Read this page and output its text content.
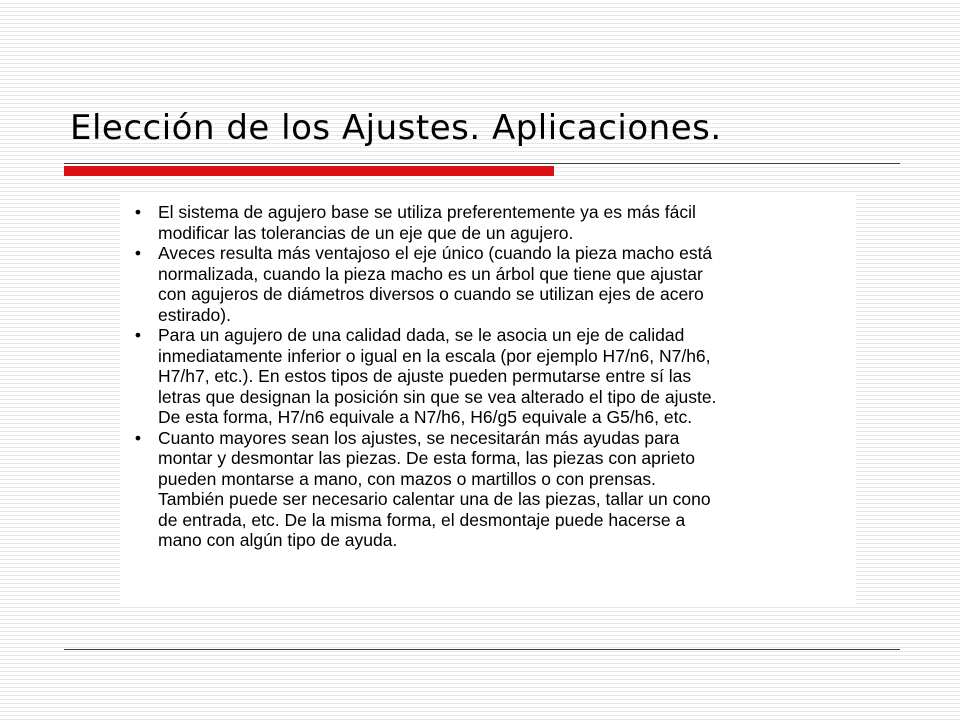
Elección de los Ajustes. Aplicaciones.
• El sistema de agujero base se utiliza preferentemente ya es más fácil
modificar las tolerancias de un eje que de un agujero.
• Aveces resulta más ventajoso el eje único (cuando la pieza macho está
normalizada, cuando la pieza macho es un árbol que tiene que ajustar
con agujeros de diámetros diversos o cuando se utilizan ejes de acero
estirado).
• Para un agujero de una calidad dada, se le asocia un eje de calidad
inmediatamente inferior o igual en la escala (por ejemplo H7/n6, N7/h6,
H7/h7, etc.). En estos tipos de ajuste pueden permutarse entre sí las
letras que designan la posición sin que se vea alterado el tipo de ajuste.
De esta forma, H7/n6 equivale a N7/h6, H6/g5 equivale a G5/h6, etc.
• Cuanto mayores sean los ajustes, se necesitarán más ayudas para
montar y desmontar las piezas. De esta forma, las piezas con aprieto
pueden montarse a mano, con mazos o martillos o con prensas.
También puede ser necesario calentar una de las piezas, tallar un cono
de entrada, etc. De la misma forma, el desmontaje puede hacerse a
mano con algún tipo de ayuda.
